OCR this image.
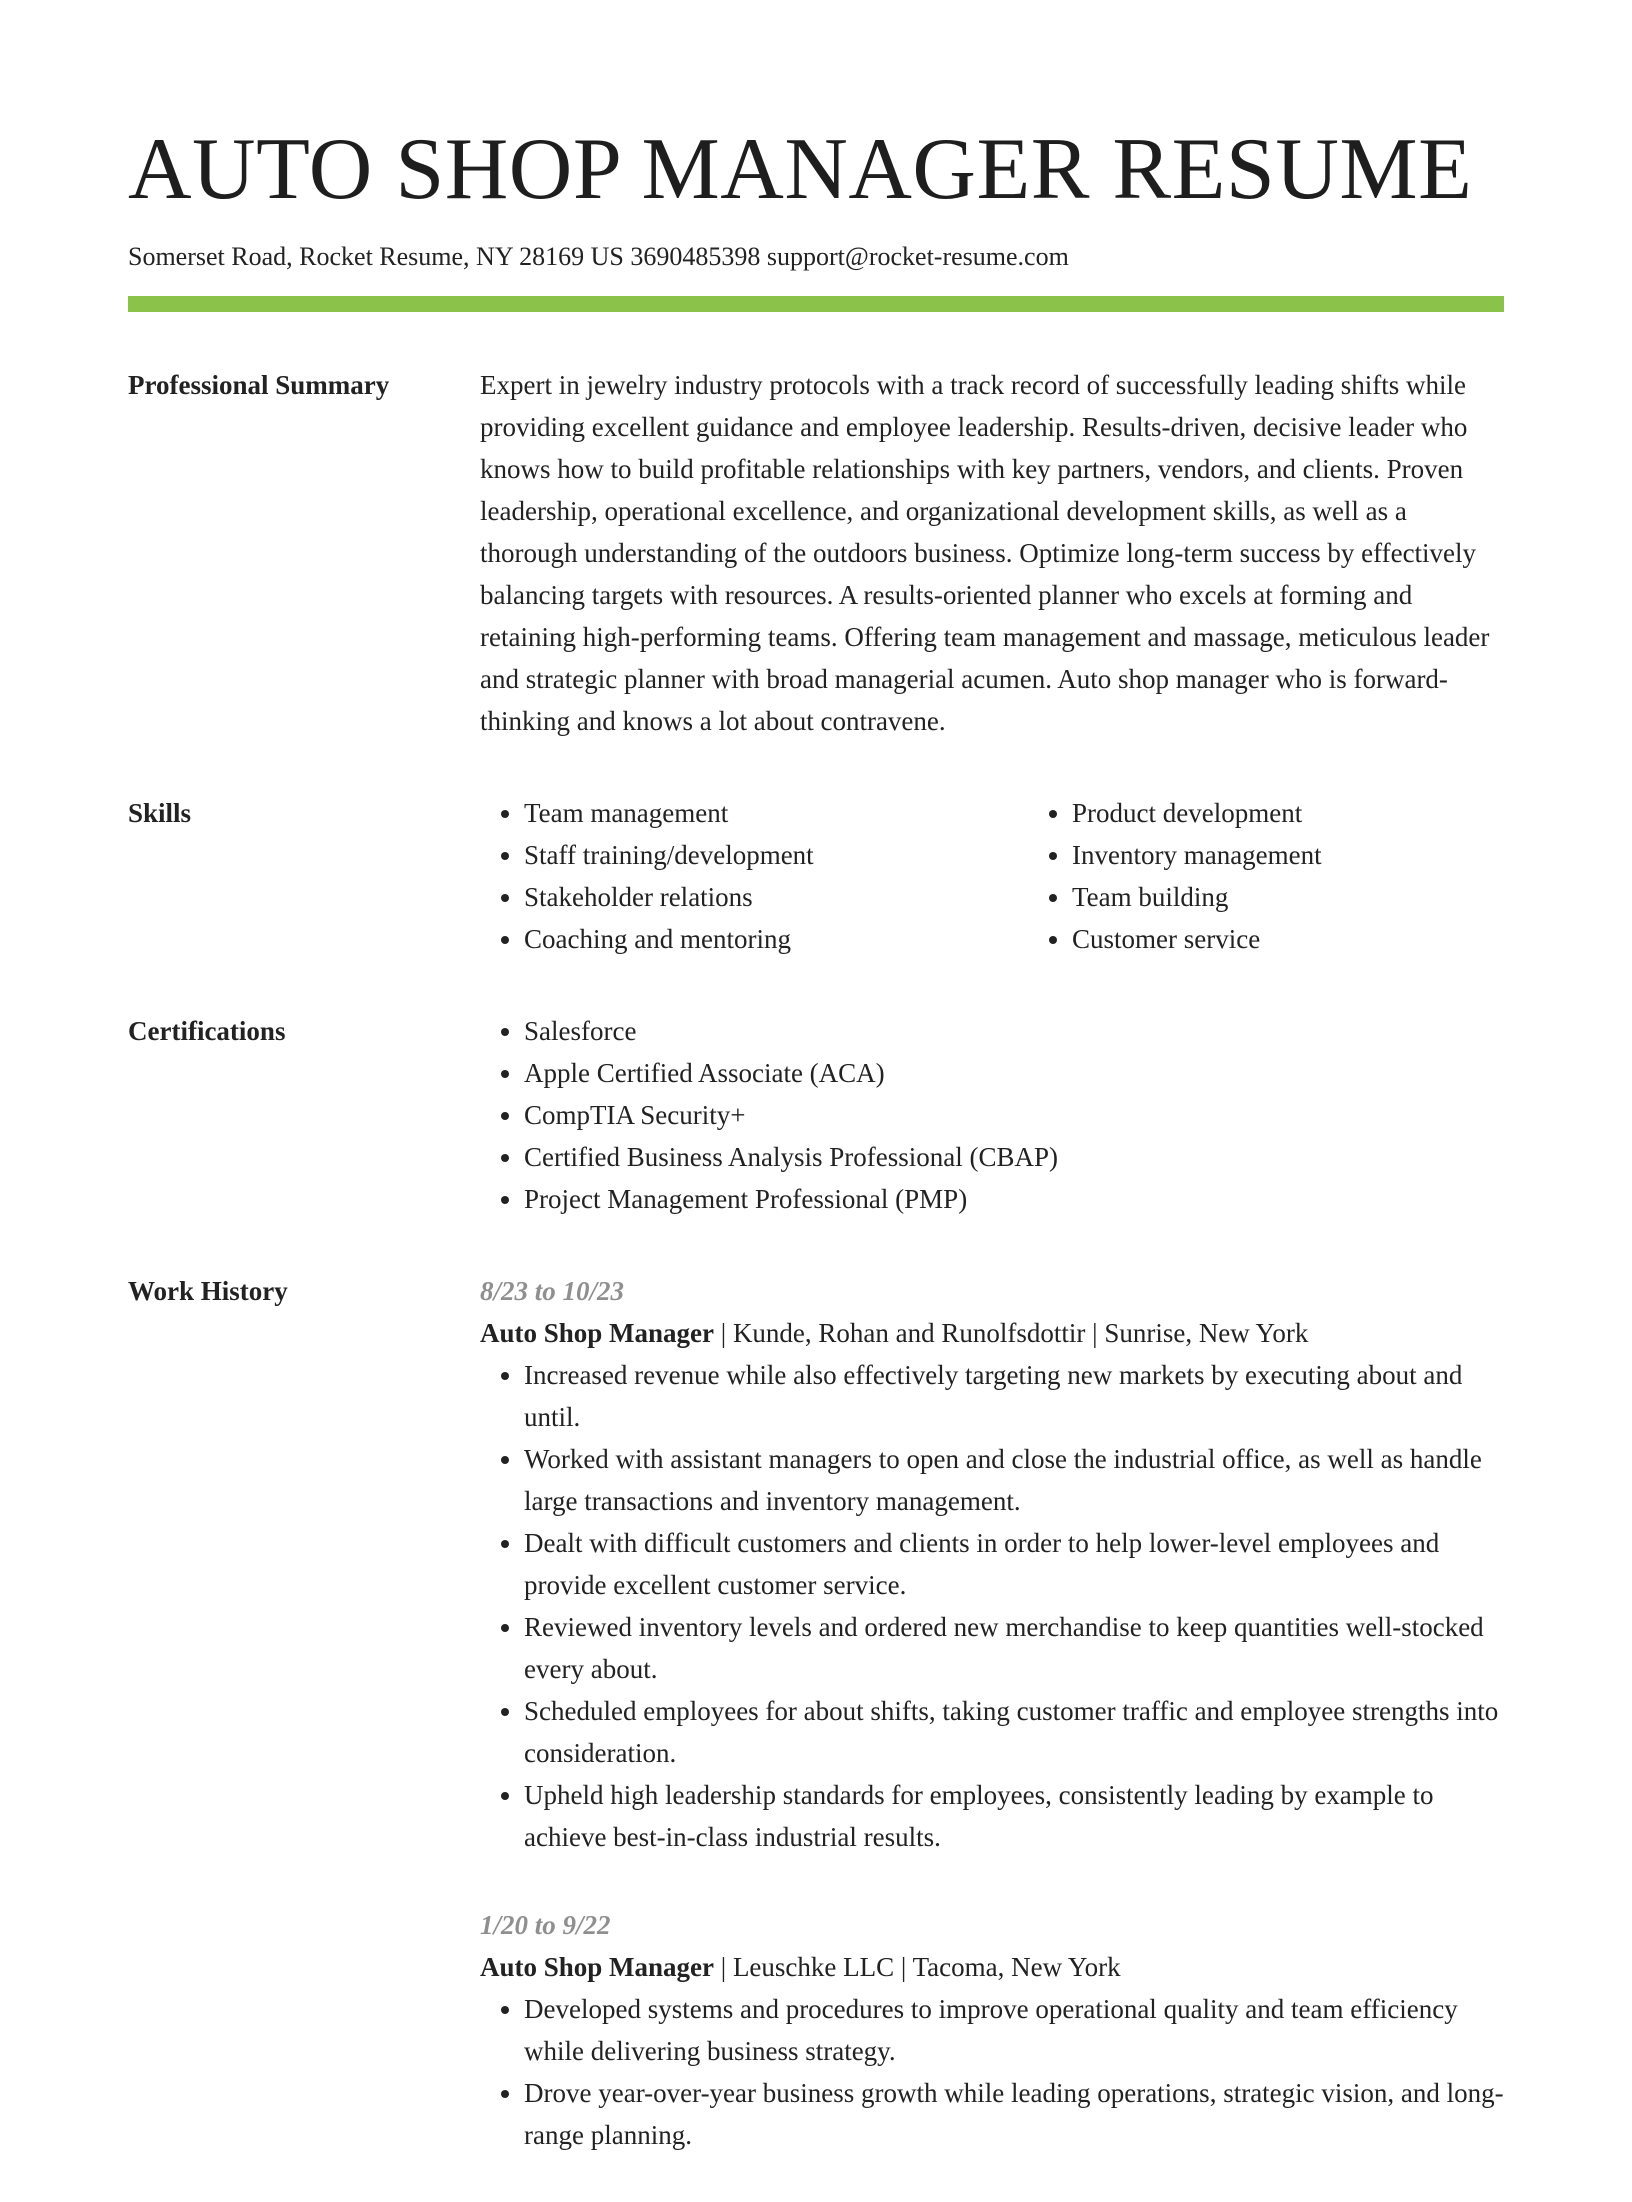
AUTO SHOP MANAGER RESUME
Somerset Road, Rocket Resume, NY 28169 US 3690485398 support@rocket-resume.com
Professional Summary	Expert in jewelry industry protocols with a track record of successfully leading shifts while providing excellent guidance and employee leadership. Results-driven, decisive leader who knows how to build profitable relationships with key partners, vendors, and clients. Proven leadership, operational excellence, and organizational development skills, as well as a thorough understanding of the outdoors business. Optimize long-term success by effectively balancing targets with resources. A results-oriented planner who excels at forming and retaining high-performing teams. Offering team management and massage, meticulous leader and strategic planner with broad managerial acumen. Auto shop manager who is forward-thinking and knows a lot about contravene.

Skills	• Team management
• Staff training/development
• Stakeholder relations
• Coaching and mentoring
• Product development
• Inventory management
• Team building
• Customer service
Certifications	• Salesforce
• Apple Certified Associate (ACA)
• CompTIA Security+
• Certified Business Analysis Professional (CBAP)
• Project Management Professional (PMP)
Work History	8/23 to 10/23
Auto Shop Manager | Kunde, Rohan and Runolfsdottir | Sunrise, New York
• Increased revenue while also effectively targeting new markets by executing about and until.
• Worked with assistant managers to open and close the industrial office, as well as handle large transactions and inventory management.
• Dealt with difficult customers and clients in order to help lower-level employees and provide excellent customer service.
• Reviewed inventory levels and ordered new merchandise to keep quantities well-stocked every about.
• Scheduled employees for about shifts, taking customer traffic and employee strengths into consideration.
• Upheld high leadership standards for employees, consistently leading by example to achieve best-in-class industrial results.
1/20 to 9/22
Auto Shop Manager | Leuschke LLC | Tacoma, New York
• Developed systems and procedures to improve operational quality and team efficiency while delivering business strategy.
• Drove year-over-year business growth while leading operations, strategic vision, and long-range planning.
